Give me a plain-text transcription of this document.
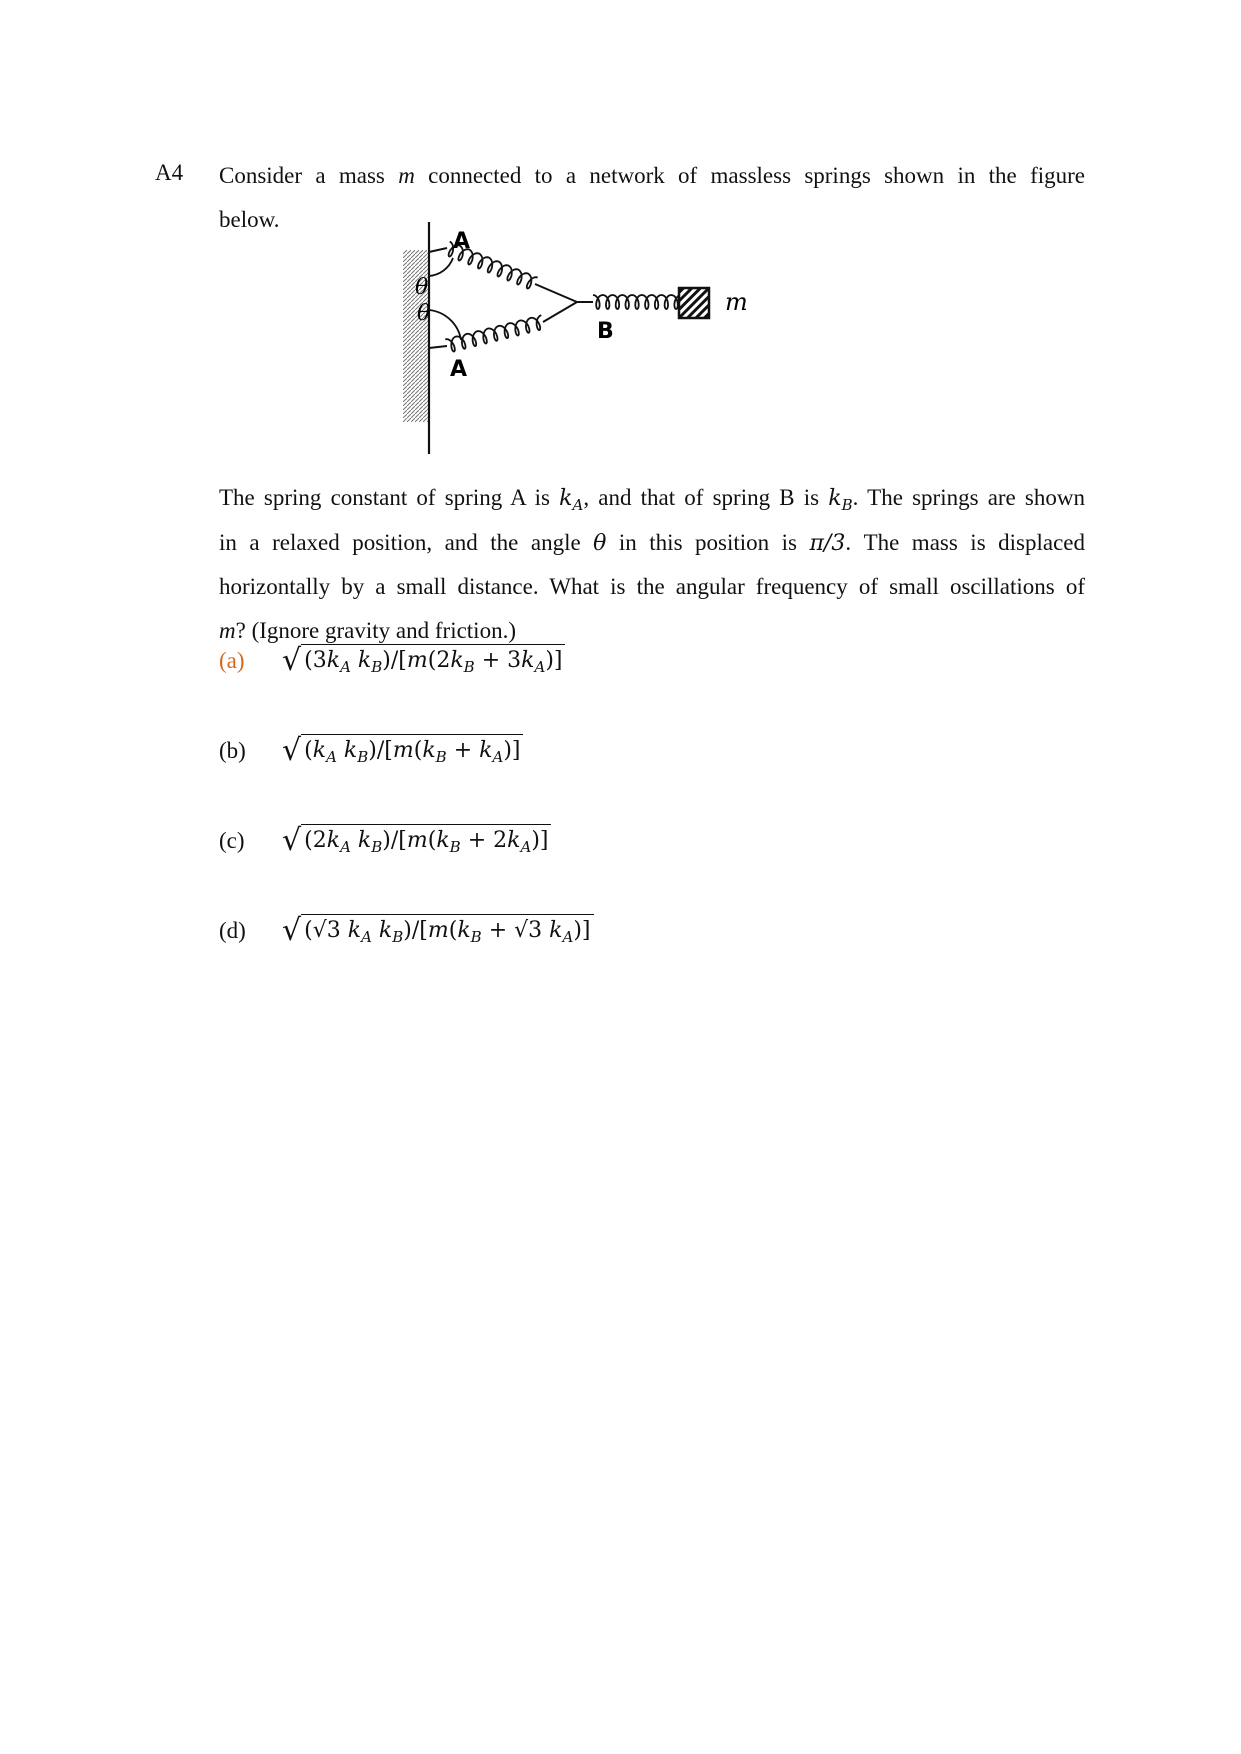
A4 Consider a mass m connected to a network of massless springs shown in the figure
below.
A
A
B
θ
θ	m
The spring constant of spring A is $k_A$, and that of spring B is $k_B$. The springs are shown
in a relaxed position, and the angle θ in this position is π/3. The mass is displaced
horizontally by a small distance. What is the angular frequency of small oscillations of
m? (Ignore gravity and friction.)
(a) √ ($3k_A$ $k_B)/[m(2k_B + 3k_A)]$
(b) √ ($k_A$ $k_B)/[m(k_B + k_A)]$
(c) √ ($2k_A$ $k_B)/[m(k_B + 2k_A)]$
(d) √ (√3 $k_A$ $k_B)/[m(k_B + √3$ $k_A$)]
